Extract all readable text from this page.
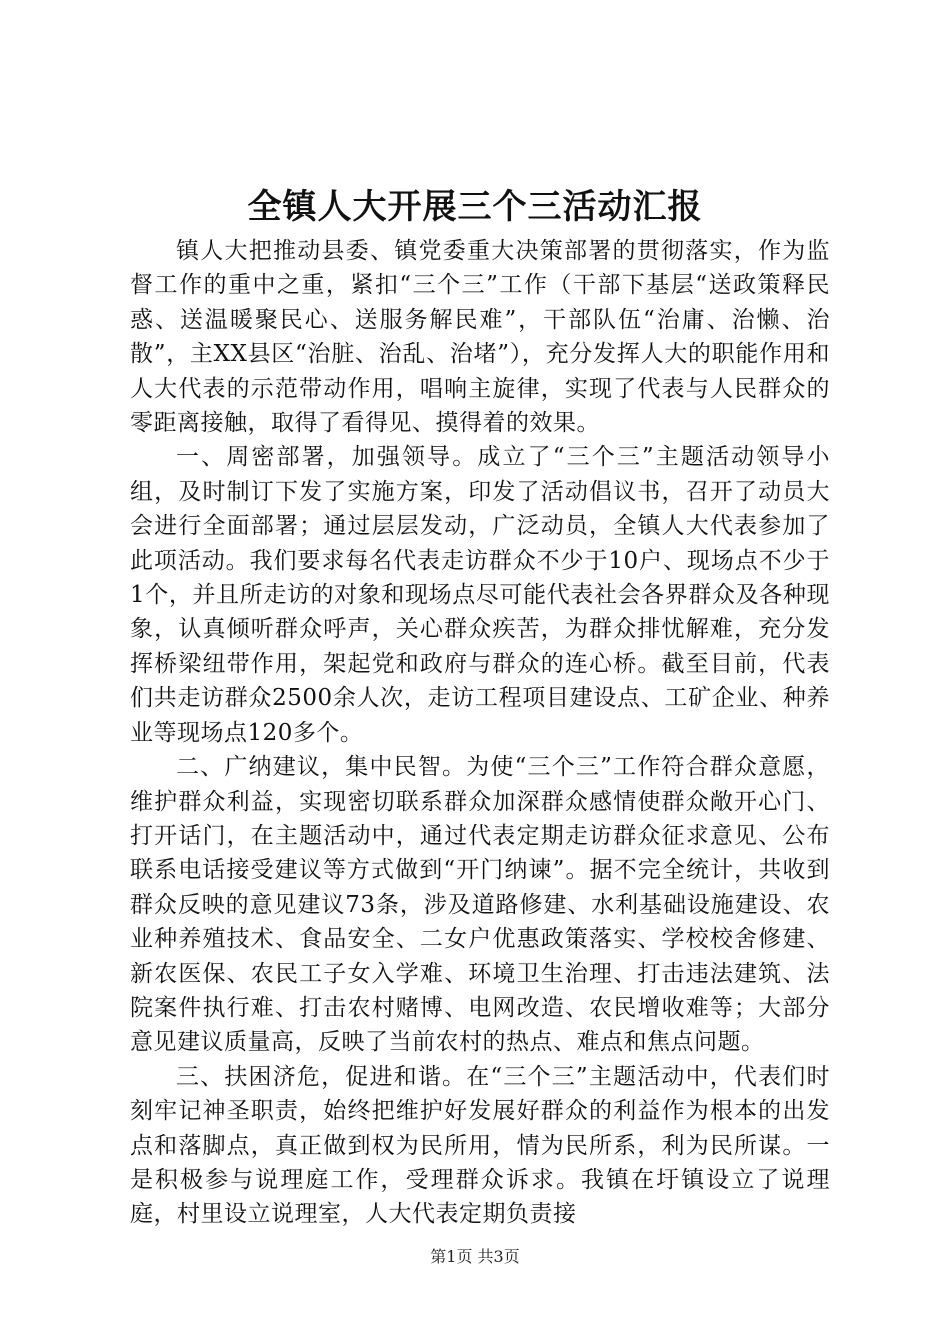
全镇人大开展三个三活动汇报

镇人大把推动县委、镇党委重大决策部署的贯彻落实，作为监督工作的重中之重，紧扣“三个三”工作（干部下基层“送政策释民惑、送温暖聚民心、送服务解民难”，干部队伍“治庸、治懒、治散”，主XX县区“治脏、治乱、治堵”），充分发挥人大的职能作用和人大代表的示范带动作用，唱响主旋律，实现了代表与人民群众的零距离接触，取得了看得见、摸得着的效果。

一、周密部署，加强领导。成立了“三个三”主题活动领导小组，及时制订下发了实施方案，印发了活动倡议书，召开了动员大会进行全面部署；通过层层发动，广泛动员，全镇人大代表参加了此项活动。我们要求每名代表走访群众不少于10户、现场点不少于1个，并且所走访的对象和现场点尽可能代表社会各界群众及各种现象，认真倾听群众呼声，关心群众疾苦，为群众排忧解难，充分发挥桥梁纽带作用，架起党和政府与群众的连心桥。截至目前，代表们共走访群众2500余人次，走访工程项目建设点、工矿企业、种养业等现场点120多个。

二、广纳建议，集中民智。为使“三个三”工作符合群众意愿，维护群众利益，实现密切联系群众加深群众感情使群众敞开心门、打开话门，在主题活动中，通过代表定期走访群众征求意见、公布联系电话接受建议等方式做到“开门纳谏”。据不完全统计，共收到群众反映的意见建议73条，涉及道路修建、水利基础设施建设、农业种养殖技术、食品安全、二女户优惠政策落实、学校校舍修建、新农医保、农民工子女入学难、环境卫生治理、打击违法建筑、法院案件执行难、打击农村赌博、电网改造、农民增收难等；大部分意见建议质量高，反映了当前农村的热点、难点和焦点问题。

三、扶困济危，促进和谐。在“三个三”主题活动中，代表们时刻牢记神圣职责，始终把维护好发展好群众的利益作为根本的出发点和落脚点，真正做到权为民所用，情为民所系，利为民所谋。一是积极参与说理庭工作，受理群众诉求。我镇在圩镇设立了说理庭，村里设立说理室，人大代表定期负责接

第1页 共3页
